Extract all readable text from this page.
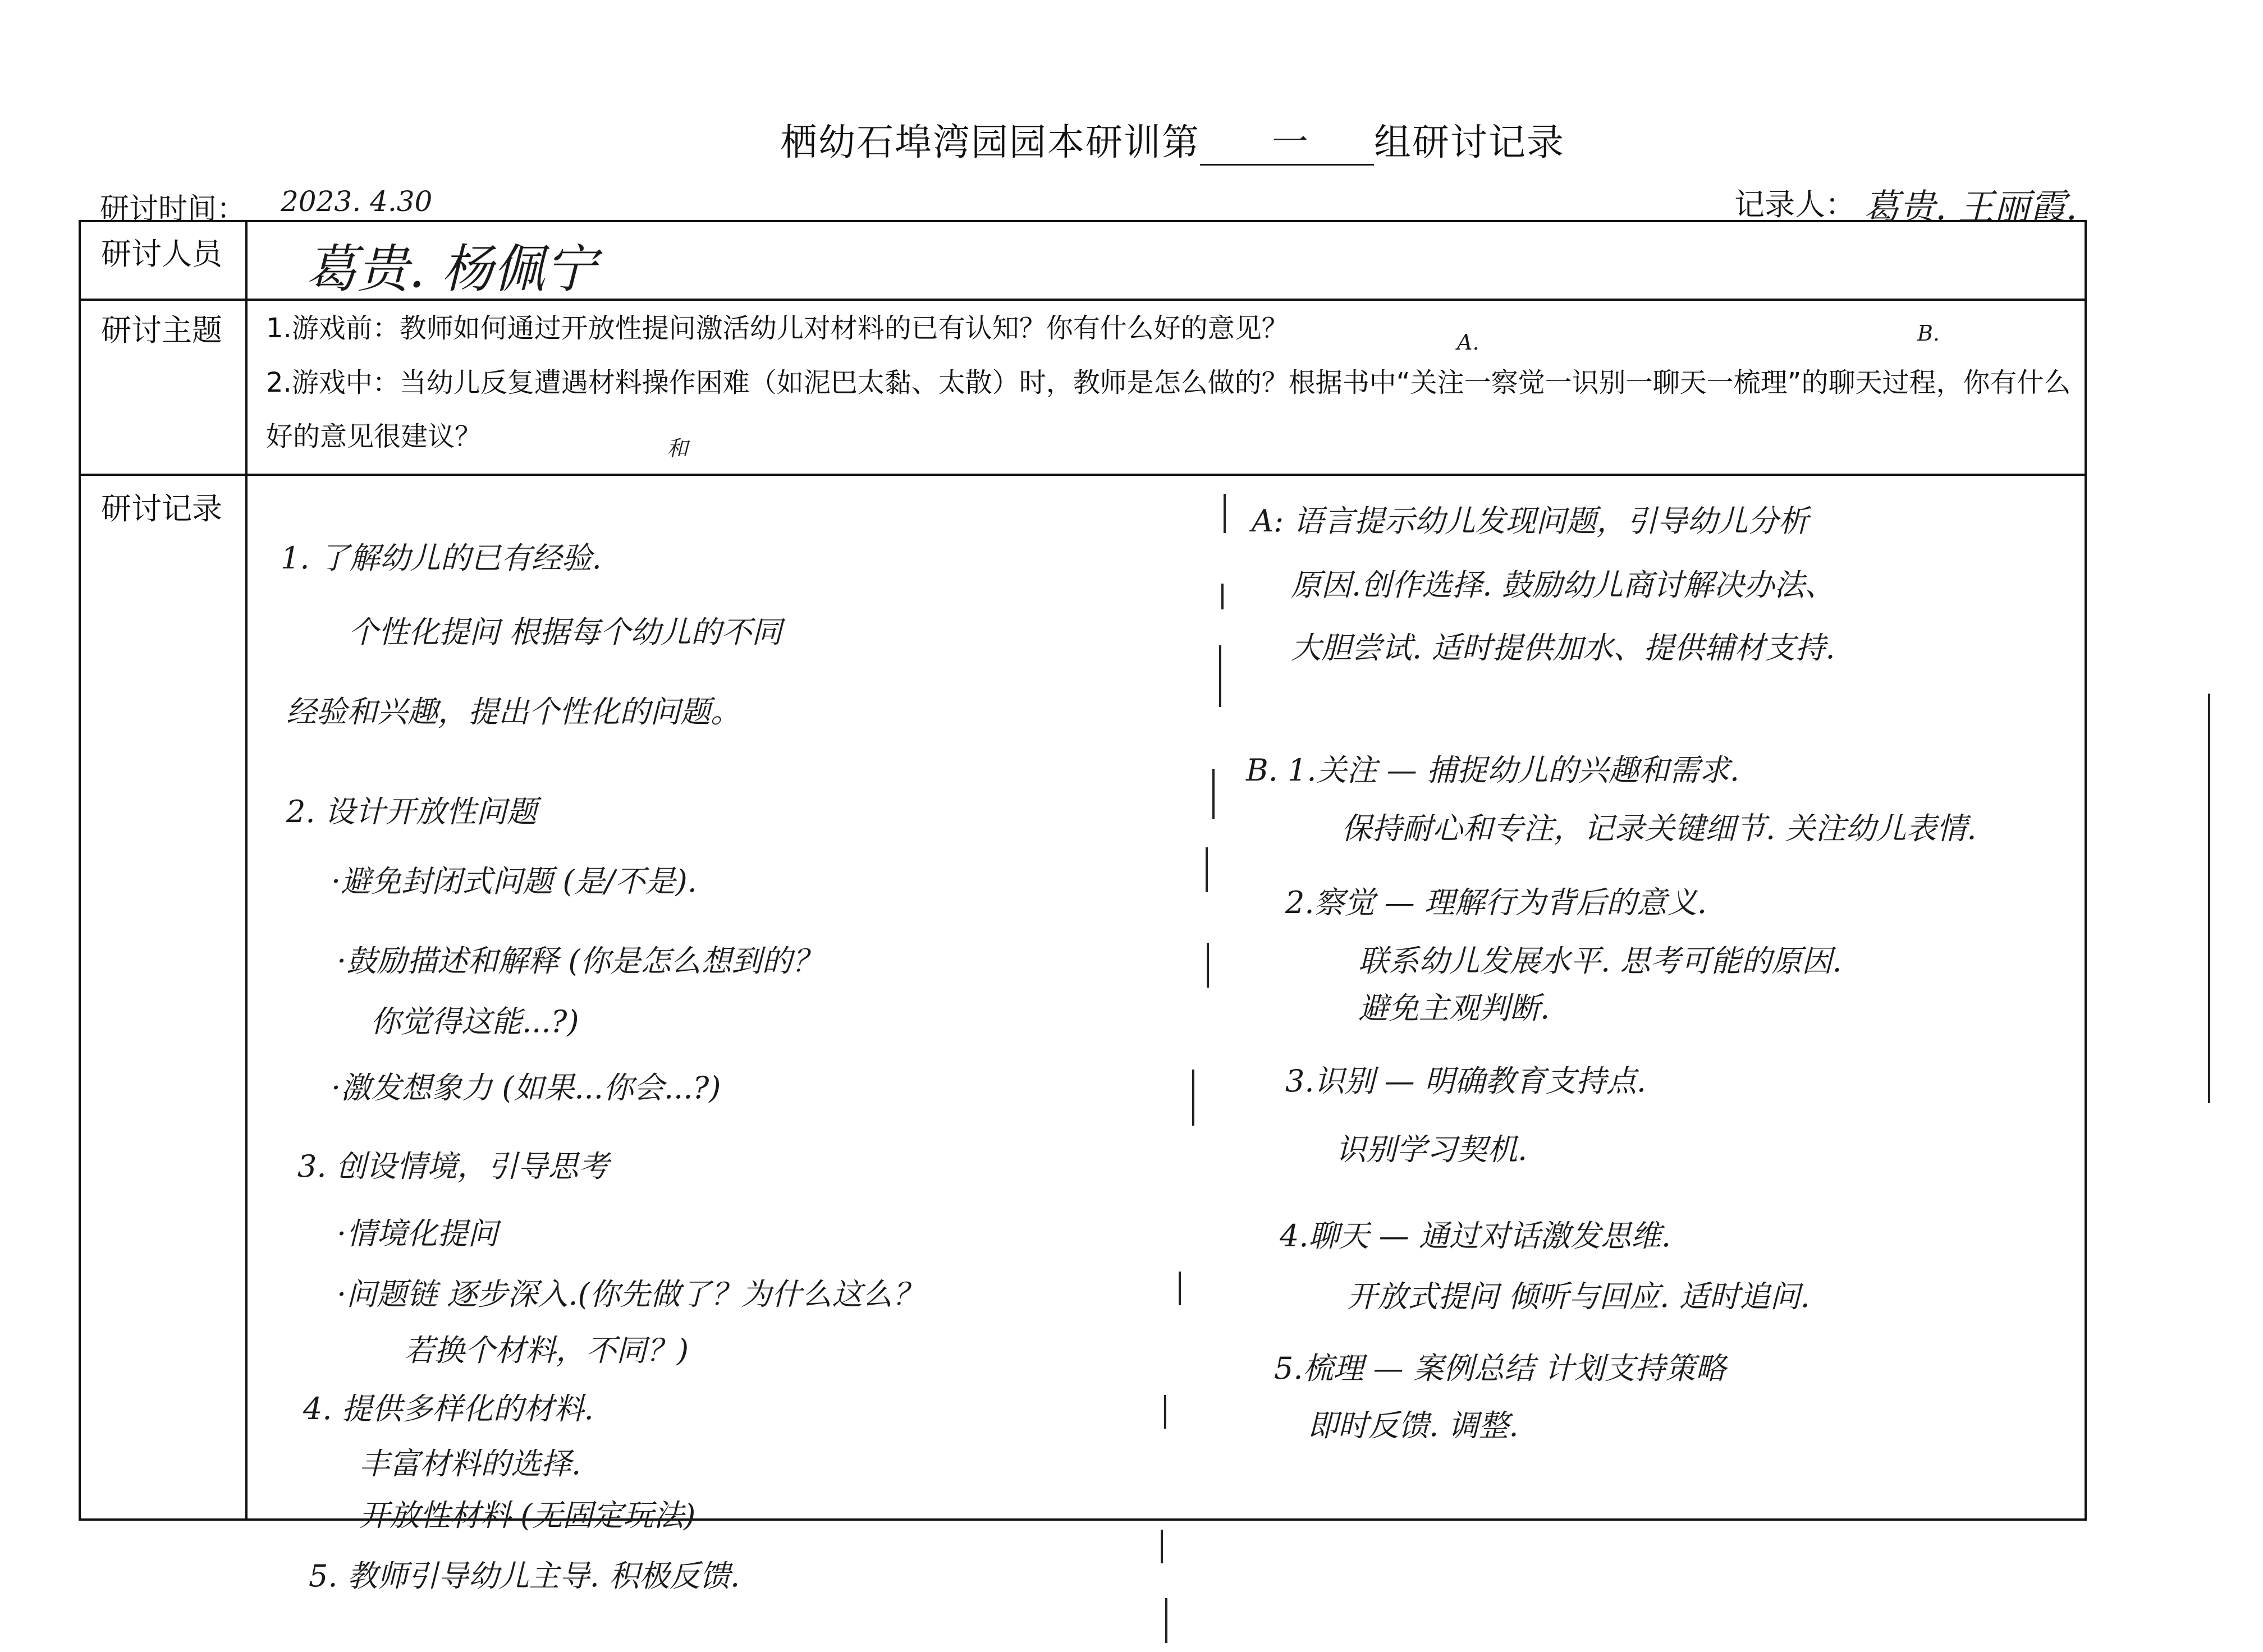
栖幼石埠湾园园本研训第	一	组研讨记录
研讨时间： 2023. 4.30	记录人： 葛贵. 王丽霞.
研讨人员 葛贵. 杨佩宁
研讨主题 1.游戏前：教师如何通过开放性提问激活幼儿对材料的已有认知？你有什么好的意见？
2.游戏中：当幼儿反复遭遇材料操作困难（如泥巴太黏、太散）时，教师是怎么做的？根据书中“关注一察觉一识别一聊天一梳理”的聊天过程，你有什么好的意见很建议？
A.	B.
和
研讨记录
1. 了解幼儿的已有经验.
个性化提问 根据每个幼儿的不同
经验和兴趣，提出个性化的问题。
2. 设计开放性问题
·避免封闭式问题 (是/不是).
·鼓励描述和解释 (你是怎么想到的？
你觉得这能...?)
·激发想象力 (如果...你会...?)
3. 创设情境，引导思考
·情境化提问
·问题链 逐步深入.(你先做了？为什么这么？
若换个材料，不同？)
4. 提供多样化的材料.
丰富材料的选择.
开放性材料 (无固定玩法)
5. 教师引导幼儿主导. 积极反馈.
A: 语言提示幼儿发现问题，引导幼儿分析
原因.创作选择. 鼓励幼儿商讨解决办法、
大胆尝试. 适时提供加水、提供辅材支持.
B. 1.关注 — 捕捉幼儿的兴趣和需求.
保持耐心和专注，记录关键细节. 关注幼儿表情.
2.察觉 — 理解行为背后的意义.
联系幼儿发展水平. 思考可能的原因.
避免主观判断.
3.识别 — 明确教育支持点.
识别学习契机.
4.聊天 — 通过对话激发思维.
开放式提问 倾听与回应. 适时追问.
5.梳理 — 案例总结 计划支持策略
即时反馈. 调整.
